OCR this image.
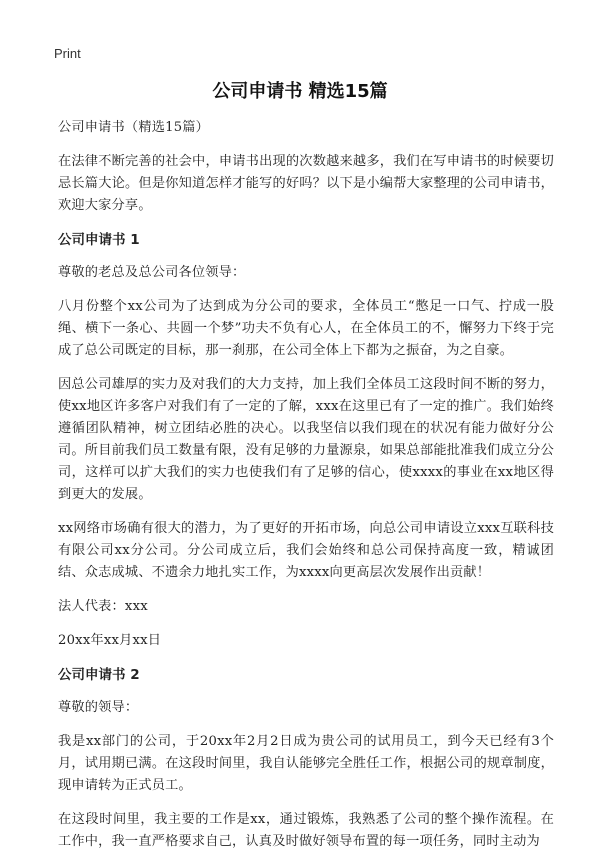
Print
公司申请书 精选15篇

公司申请书（精选15篇）

在法律不断完善的社会中，申请书出现的次数越来越多，我们在写申请书的时候要切忌长篇大论。但是你知道怎样才能写的好吗？以下是小编帮大家整理的公司申请书，欢迎大家分享。

公司申请书 1

尊敬的老总及总公司各位领导：

八月份整个xx公司为了达到成为分公司的要求，全体员工“憋足一口气、拧成一股绳、横下一条心、共圆一个梦”功夫不负有心人，在全体员工的不，懈努力下终于完成了总公司既定的目标，那一刹那，在公司全体上下都为之振奋，为之自豪。

因总公司雄厚的实力及对我们的大力支持，加上我们全体员工这段时间不断的努力，使xx地区许多客户对我们有了一定的了解，xxx在这里已有了一定的推广。我们始终遵循团队精神，树立团结必胜的决心。以我坚信以我们现在的状况有能力做好分公司。所目前我们员工数量有限，没有足够的力量源泉，如果总部能批准我们成立分公司，这样可以扩大我们的实力也使我们有了足够的信心，使xxxx的事业在xx地区得到更大的发展。

xx网络市场确有很大的潜力，为了更好的开拓市场，向总公司申请设立xxx互联科技有限公司xx分公司。分公司成立后，我们会始终和总公司保持高度一致，精诚团结、众志成城、不遗余力地扎实工作，为xxxx向更高层次发展作出贡献！

法人代表：xxx

20xx年xx月xx日

公司申请书 2

尊敬的领导：

我是xx部门的公司，于20xx年2月2日成为贵公司的试用员工，到今天已经有3个月，试用期已满。在这段时间里，我自认能够完全胜任工作，根据公司的规章制度，现申请转为正式员工。

在这段时间里，我主要的工作是xx，通过锻炼，我熟悉了公司的整个操作流程。在工作中，我一直严格要求自己，认真及时做好领导布置的每一项任务，同时主动为
